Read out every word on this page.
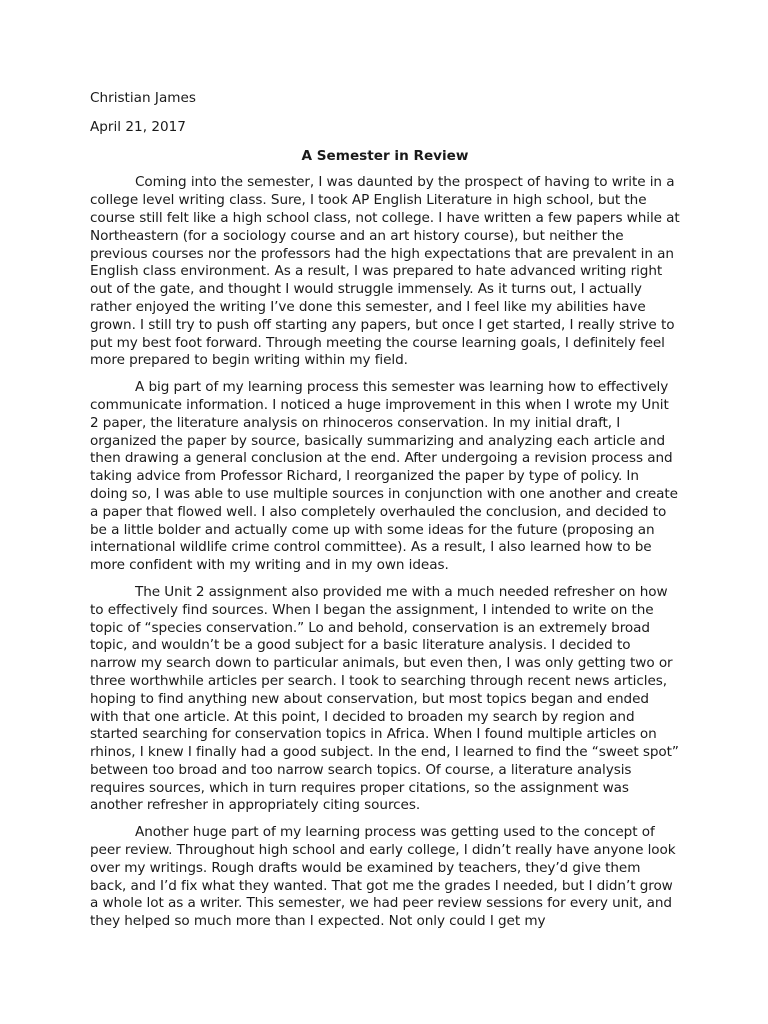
Christian James
April 21, 2017
A Semester in Review

Coming into the semester, I was daunted by the prospect of having to write in a college level writing class. Sure, I took AP English Literature in high school, but the course still felt like a high school class, not college. I have written a few papers while at Northeastern (for a sociology course and an art history course), but neither the previous courses nor the professors had the high expectations that are prevalent in an English class environment. As a result, I was prepared to hate advanced writing right out of the gate, and thought I would struggle immensely. As it turns out, I actually rather enjoyed the writing I’ve done this semester, and I feel like my abilities have grown. I still try to push off starting any papers, but once I get started, I really strive to put my best foot forward. Through meeting the course learning goals, I definitely feel more prepared to begin writing within my field.

A big part of my learning process this semester was learning how to effectively communicate information. I noticed a huge improvement in this when I wrote my Unit 2 paper, the literature analysis on rhinoceros conservation. In my initial draft, I organized the paper by source, basically summarizing and analyzing each article and then drawing a general conclusion at the end. After undergoing a revision process and taking advice from Professor Richard, I reorganized the paper by type of policy. In doing so, I was able to use multiple sources in conjunction with one another and create a paper that flowed well. I also completely overhauled the conclusion, and decided to be a little bolder and actually come up with some ideas for the future (proposing an international wildlife crime control committee). As a result, I also learned how to be more confident with my writing and in my own ideas.

The Unit 2 assignment also provided me with a much needed refresher on how to effectively find sources. When I began the assignment, I intended to write on the topic of “species conservation.” Lo and behold, conservation is an extremely broad topic, and wouldn’t be a good subject for a basic literature analysis. I decided to narrow my search down to particular animals, but even then, I was only getting two or three worthwhile articles per search. I took to searching through recent news articles, hoping to find anything new about conservation, but most topics began and ended with that one article. At this point, I decided to broaden my search by region and started searching for conservation topics in Africa. When I found multiple articles on rhinos, I knew I finally had a good subject. In the end, I learned to find the “sweet spot” between too broad and too narrow search topics. Of course, a literature analysis requires sources, which in turn requires proper citations, so the assignment was another refresher in appropriately citing sources.

Another huge part of my learning process was getting used to the concept of peer review. Throughout high school and early college, I didn’t really have anyone look over my writings. Rough drafts would be examined by teachers, they’d give them back, and I’d fix what they wanted. That got me the grades I needed, but I didn’t grow a whole lot as a writer. This semester, we had peer review sessions for every unit, and they helped so much more than I expected. Not only could I get my
